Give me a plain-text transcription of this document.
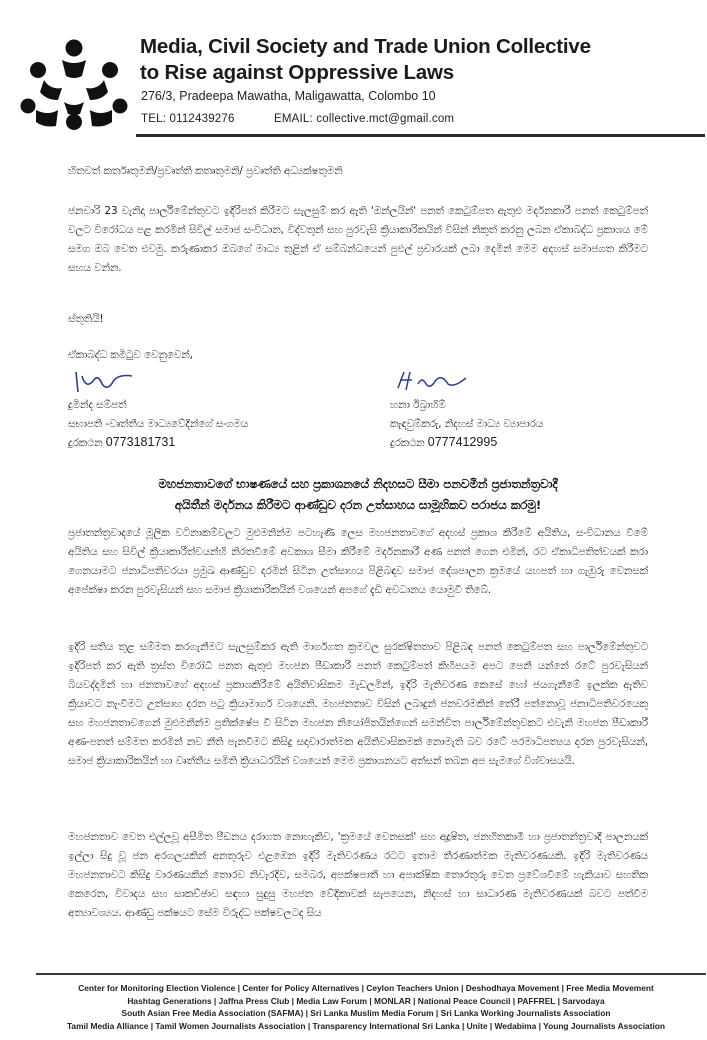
Media, Civil Society and Trade Union Collective
to Rise against Oppressive Laws
276/3, Pradeepa Mawatha, Maligawatta, Colombo 10
TEL: 0112439276	EMAIL: collective.mct@gmail.com
හිතවත් කර්තෘතුමනි/ප්‍රවෘත්ති කතෘතුමනි/ ප්‍රවෘත්ති අධ්‍යක්ෂතුමනි
ජනවාරි 23 වැනිදා පාර්ලිමේන්තුවට ඉදිරිපත් කිරීමට සැලසුම් කර ඇති 'ඔන්ලයින්' පනත් කෙටුම්පත ඇතුළු මර්දනකාරී පනත් කෙටුම්පත් වලට විරෝධය පළ කරමින් සිවිල් සමාජ සංවිධාන, විද්වතුන් සහ පුරවැසි ක්‍රියාකාරිකයින් විසින් නිකුත් කරනු ලබන ඒකාබද්ධ ප්‍රකාශය මේ සමග ඔබ වෙත එවමු. කරුණාකර ඔබගේ මාධ්‍ය තුළින් ඒ සම්බන්ධයෙන් පුළුල් ප්‍රචාරයක් ලබා දෙමින් මෙම අදහස් සමාජගත කිරීමට සහය වන්න.
ස්තුතියි!
ඒකාබද්ධ කමිටුව වෙනුවෙන්,
දුමින්ද සම්පත්
සභාපති -වෘත්තීය මාධ්‍යවේදීන්ගේ සංගමය
දුරකථන 0773181731
හනා ඊබ්‍රාහිම්
කැඳවුම්කරු, නිදහස් මාධ්‍ය ව්‍යාපාරය
දුරකථන 0777412995
මහජනතාවගේ භාෂණයේ සහ ප්‍රකාශනයේ නිදහසට සීමා පනවමින් ප්‍රජාතන්ත්‍රවාදී
අයිතීන් මර්දනය කිරීමට ආණ්ඩුව දරන උත්සාහය සාමූහිකව පරාජය කරමු!
ප්‍රජාතන්ත්‍රවාදයේ මූලික වටිනාකම්වලට මුළුමනින්ම පටහැණි ලෙස මහජනතාවගේ අදහස් ප්‍රකාශ කිරීමේ අයිතිය, සංවිධානය වීමේ අයිතිය සහ සිවිල් ක්‍රියාකාරීත්වයන්හි නිරතවීමේ අවකාශ සීමා කිරීමේ මර්දනකාරී අණ පනත් ගෙන එමින්, රට ඒකාධිපතිත්වයක් කරා ගෙනයාමට ජනාධිපතිවරයා ප්‍රමුඛ ආණ්ඩුව දරමින් සිටින උත්සාහය පිළිබඳව සමාජ දේශපාලන ක්‍රමයේ යහපත් හා ගැඹුරු වෙනසක් අපේක්ෂා කරන පුරවැසියන් සහ සමාජ ක්‍රියාකාරිකයින් වශයෙන් අපගේ දැඩි අවධානය යොමුවී තිබේ.
ඉදිරි සතිය තුළ සම්මත කරගැනීමට සැලසුම්කර ඇති මාර්ගගත ක්‍රමවල සුරක්ෂිතතාව පිළිබඳ පනත් කෙටුම්පත සහ පාර්ලිමේන්තුවට ඉදිරිපත් කර ඇති ත්‍රස්ත විරෝධී පනත ඇතුළු මහජන පීඩාකාරී පනත් කෙටුම්පත් කිහිපයම අපට පෙනී යන්නේ රටේ පුරවැසියන් බියවද්දමින් හා ජනතාවගේ අදහස් ප්‍රකාශකිරීමේ අයිතිවාසිකම මැඩලමින්, ඉදිරි මැතිවරණ කෙසේ හෝ ජයගැනීමේ ඉලක්ක ඇතිව ක්‍රියාවට නැංවීමට උත්සාහ දරන පටු ක්‍රියාමාර්ග වශයෙනි. මහජනතාව විසින් ලබාදුන් ජනවරමකින් තේරී පත්නොවූ ජනාධිපතිවරයෙකු සහ මහජනතාවගෙන් මුළුමනින්ම ප්‍රතික්ෂේප වී සිටින මහජන නියෝජිතයින්ගෙන් සමන්විත පාර්ලිමේන්තුවකට එවැනි මහජන පීඩාකාරී අණ-පනත් සම්මත කරමින් නව නීති පැනවීමට කිසිදු සදාචාරාත්මක අයිතිවාසිකමක් නොමැති බව රටේ පරමාධිපත්‍යය දරන පුරවැසියන්, සමාජ ක්‍රියාකාරිකයින් හා වෘත්තීය සමිති ක්‍රියාධරයින් වශයෙන් මෙම ප්‍රකාශනයට අත්සන් තබන අප සැමගේ විශ්වාසයයි.
මහජනතාව වෙත එල්ලවූ අසීමිත පීඩනය දරාගත නොහැකිව, 'ක්‍රමයේ වෙනසක්' සහ අදූෂිත, ජනහිතකාමී හා ප්‍රජාතන්ත්‍රවාදී පාලනයක් ඉල්ලා සිදු වූ ජන අරගලයකින් අනතුරුව එළඹෙන ඉදිරි මැතිවරණය රටට ඉතාම තීරණාත්මක මැතිවරණයකි. ඉදිරි මැතිවරණය මහජනතාවට කිසිදු වාරණයකින් තොරව නිවැරදිව, සමබර, අපක්ෂපාතී හා අපාක්ෂික තොරතුරු වෙත ප්‍රවේශවීමේ හැකියාව සහතික කෙරෙන, විවාදය සහ සාකච්ඡාව සඳහා සුදුසු මහජන වේදිකාවක් සැපයෙන, නිදහස් හා සාධාරණ මැතිවරණයක් බවට පත්වීම අත්‍යාවශ්‍යය. ආණ්ඩු පක්ෂයට සේම විරුද්ධ පක්ෂවලටද සිය
Center for Monitoring Election Violence | Center for Policy Alternatives | Ceylon Teachers Union | Deshodhaya Movement | Free Media Movement
Hashtag Generations | Jaffna Press Club | Media Law Forum | MONLAR | National Peace Council | PAFFREL | Sarvodaya
South Asian Free Media Association (SAFMA) | Sri Lanka Muslim Media Forum | Sri Lanka Working Journalists Association
Tamil Media Alliance | Tamil Women Journalists Association | Transparency International Sri Lanka | Unite | Wedabima | Young Journalists Association
